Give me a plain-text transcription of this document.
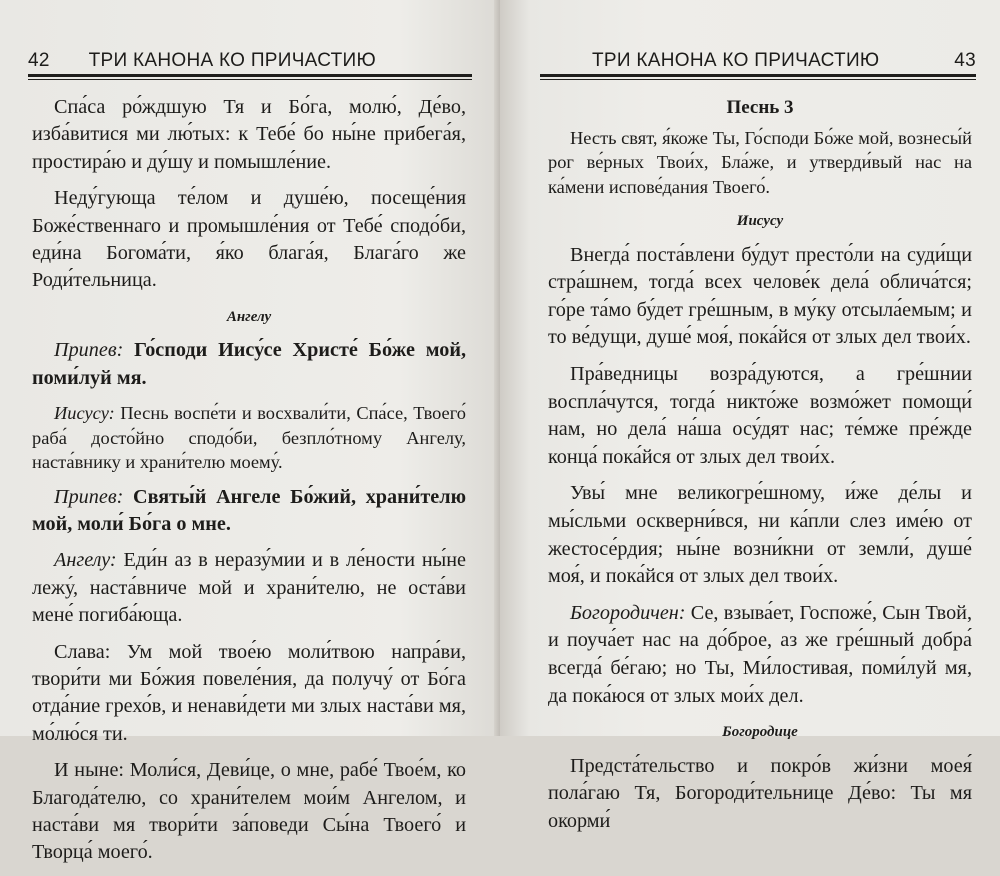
42 ТРИ КАНОНА КО ПРИЧАСТИЮ

Спа́са ро́ждшую Тя и Бо́га, молю́, Де́во, изба́витися ми лю́тых: к Тебе́ бо ны́не прибега́я, простира́ю и ду́шу и помышле́ние.

Неду́гующа те́лом и душе́ю, посеще́ния Боже́ственнаго и промышле́ния от Тебе́ сподо́би, еди́на Богома́ти, я́ко блага́я, Блага́го же Роди́тельница.

Ангелу

Припев: Го́споди Иису́се Христе́ Бо́же мой, поми́луй мя.

Иисусу: Песнь воспе́ти и восхвали́ти, Спа́се, Твоего́ раба́ досто́йно сподо́би, безпло́тному Ангелу, наста́внику и храни́телю моему́.

Припев: Святы́й Ангеле Бо́жий, храни́телю мой, моли́ Бо́га о мне.

Ангелу: Еди́н аз в неразу́мии и в ле́ности ны́не лежу́, наста́вниче мой и храни́телю, не оста́ви мене́ погиба́юща.

Слава: Ум мой твое́ю моли́твою напра́ви, твори́ти ми Бо́жия повеле́ния, да получу́ от Бо́га отда́ние грехо́в, и ненави́дети ми злых наста́ви мя, мо́лю́ся ти.

И ныне: Моли́ся, Деви́це, о мне, рабе́ Твое́м, ко Благода́телю, со храни́телем мои́м Ангелом, и наста́ви мя твори́ти за́поведи Сы́на Твоего́ и Творца́ моего́.

ТРИ КАНОНА КО ПРИЧАСТИЮ	43
Песнь 3

Несть свят, я́коже Ты, Го́споди Бо́же мой, вознесы́й рог ве́рных Твои́х, Бла́же, и утверди́вый нас на ка́мени испове́дания Твоего́.

Иисусу

Внегда́ поста́влени бу́дут престо́ли на суди́щи стра́шнем, тогда́ всех челове́к дела́ облича́тся; го́ре та́мо бу́дет гре́шным, в му́ку отсыла́емым; и то ве́дущи, душе́ моя́, пока́йся от злых дел твои́х.

Пра́ведницы возра́дуются, а гре́шнии воспла́чутся, тогда́ никто́же возмо́жет помощи́ нам, но дела́ на́ша осу́дят нас; те́мже пре́жде конца́ пока́йся от злых дел твои́х.

Увы́ мне великогре́шному, и́же де́лы и мы́сльми оскверни́вся, ни ка́пли слез име́ю от жестосе́рдия; ны́не возни́кни от земли́, душе́ моя́, и пока́йся от злых дел твои́х.

Богородичен: Се, взыва́ет, Госпоже́, Сын Твой, и поуча́ет нас на до́брое, аз же гре́шный добра́ всегда́ бе́гаю; но Ты, Ми́лостивая, поми́луй мя, да пока́юся от злых мои́х дел.

Богородице

Предста́тельство и покро́в жи́зни моея́ пола́гаю Тя, Богороди́тельнице Де́во: Ты мя окорми́
